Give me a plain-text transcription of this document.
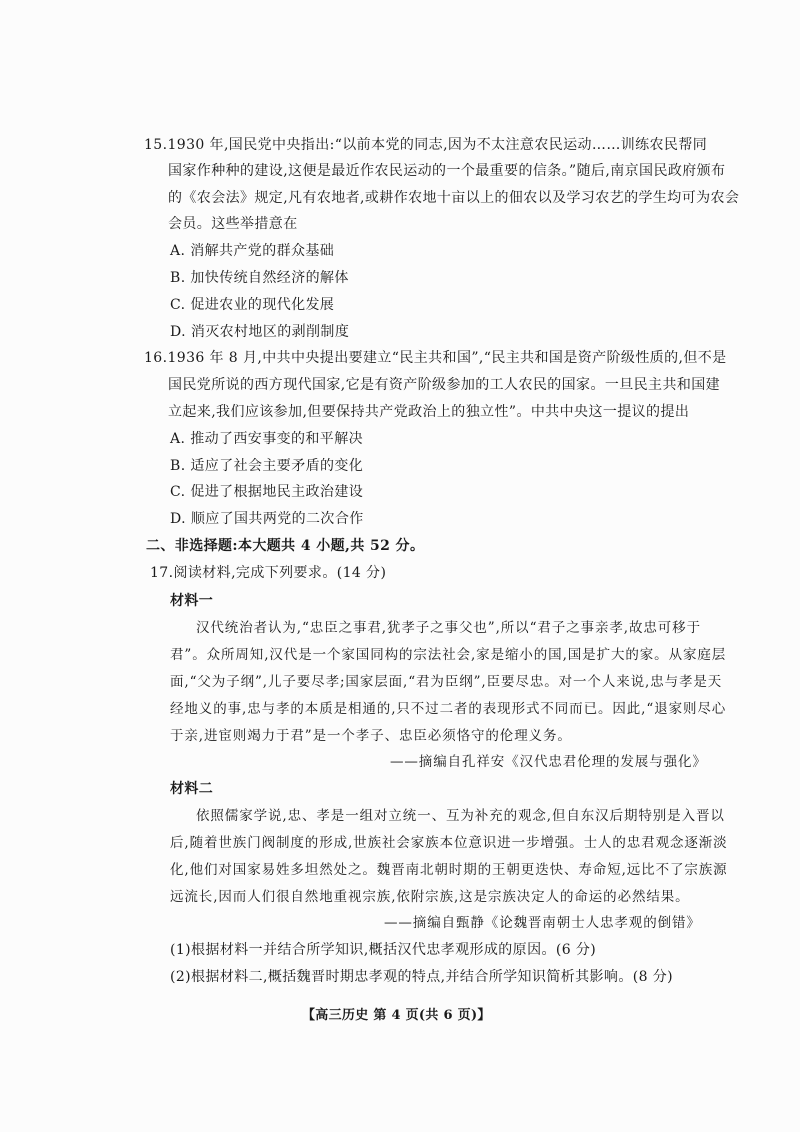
15.1930 年,国民党中央指出:“以前本党的同志,因为不太注意农民运动……训练农民帮同
国家作种种的建设,这便是最近作农民运动的一个最重要的信条。”随后,南京国民政府颁布
的《农会法》规定,凡有农地者,或耕作农地十亩以上的佃农以及学习农艺的学生均可为农会
会员。这些举措意在
A. 消解共产党的群众基础
B. 加快传统自然经济的解体
C. 促进农业的现代化发展
D. 消灭农村地区的剥削制度
16.1936 年 8 月,中共中央提出要建立“民主共和国”,“民主共和国是资产阶级性质的,但不是
国民党所说的西方现代国家,它是有资产阶级参加的工人农民的国家。一旦民主共和国建
立起来,我们应该参加,但要保持共产党政治上的独立性”。中共中央这一提议的提出
A. 推动了西安事变的和平解决
B. 适应了社会主要矛盾的变化
C. 促进了根据地民主政治建设
D. 顺应了国共两党的二次合作
二、非选择题:本大题共 4 小题,共 52 分。
17.阅读材料,完成下列要求。(14 分)
材料一
汉代统治者认为,“忠臣之事君,犹孝子之事父也”,所以“君子之事亲孝,故忠可移于
君”。众所周知,汉代是一个家国同构的宗法社会,家是缩小的国,国是扩大的家。从家庭层
面,“父为子纲”,儿子要尽孝;国家层面,“君为臣纲”,臣要尽忠。对一个人来说,忠与孝是天
经地义的事,忠与孝的本质是相通的,只不过二者的表现形式不同而已。因此,“退家则尽心
于亲,进宦则竭力于君”是一个孝子、忠臣必须恪守的伦理义务。
——摘编自孔祥安《汉代忠君伦理的发展与强化》
材料二
依照儒家学说,忠、孝是一组对立统一、互为补充的观念,但自东汉后期特别是入晋以
后,随着世族门阀制度的形成,世族社会家族本位意识进一步增强。士人的忠君观念逐渐淡
化,他们对国家易姓多坦然处之。魏晋南北朝时期的王朝更迭快、寿命短,远比不了宗族源
远流长,因而人们很自然地重视宗族,依附宗族,这是宗族决定人的命运的必然结果。
——摘编自甄静《论魏晋南朝士人忠孝观的倒错》
(1)根据材料一并结合所学知识,概括汉代忠孝观形成的原因。(6 分)
(2)根据材料二,概括魏晋时期忠孝观的特点,并结合所学知识简析其影响。(8 分)
【高三历史 第 4 页(共 6 页)】
